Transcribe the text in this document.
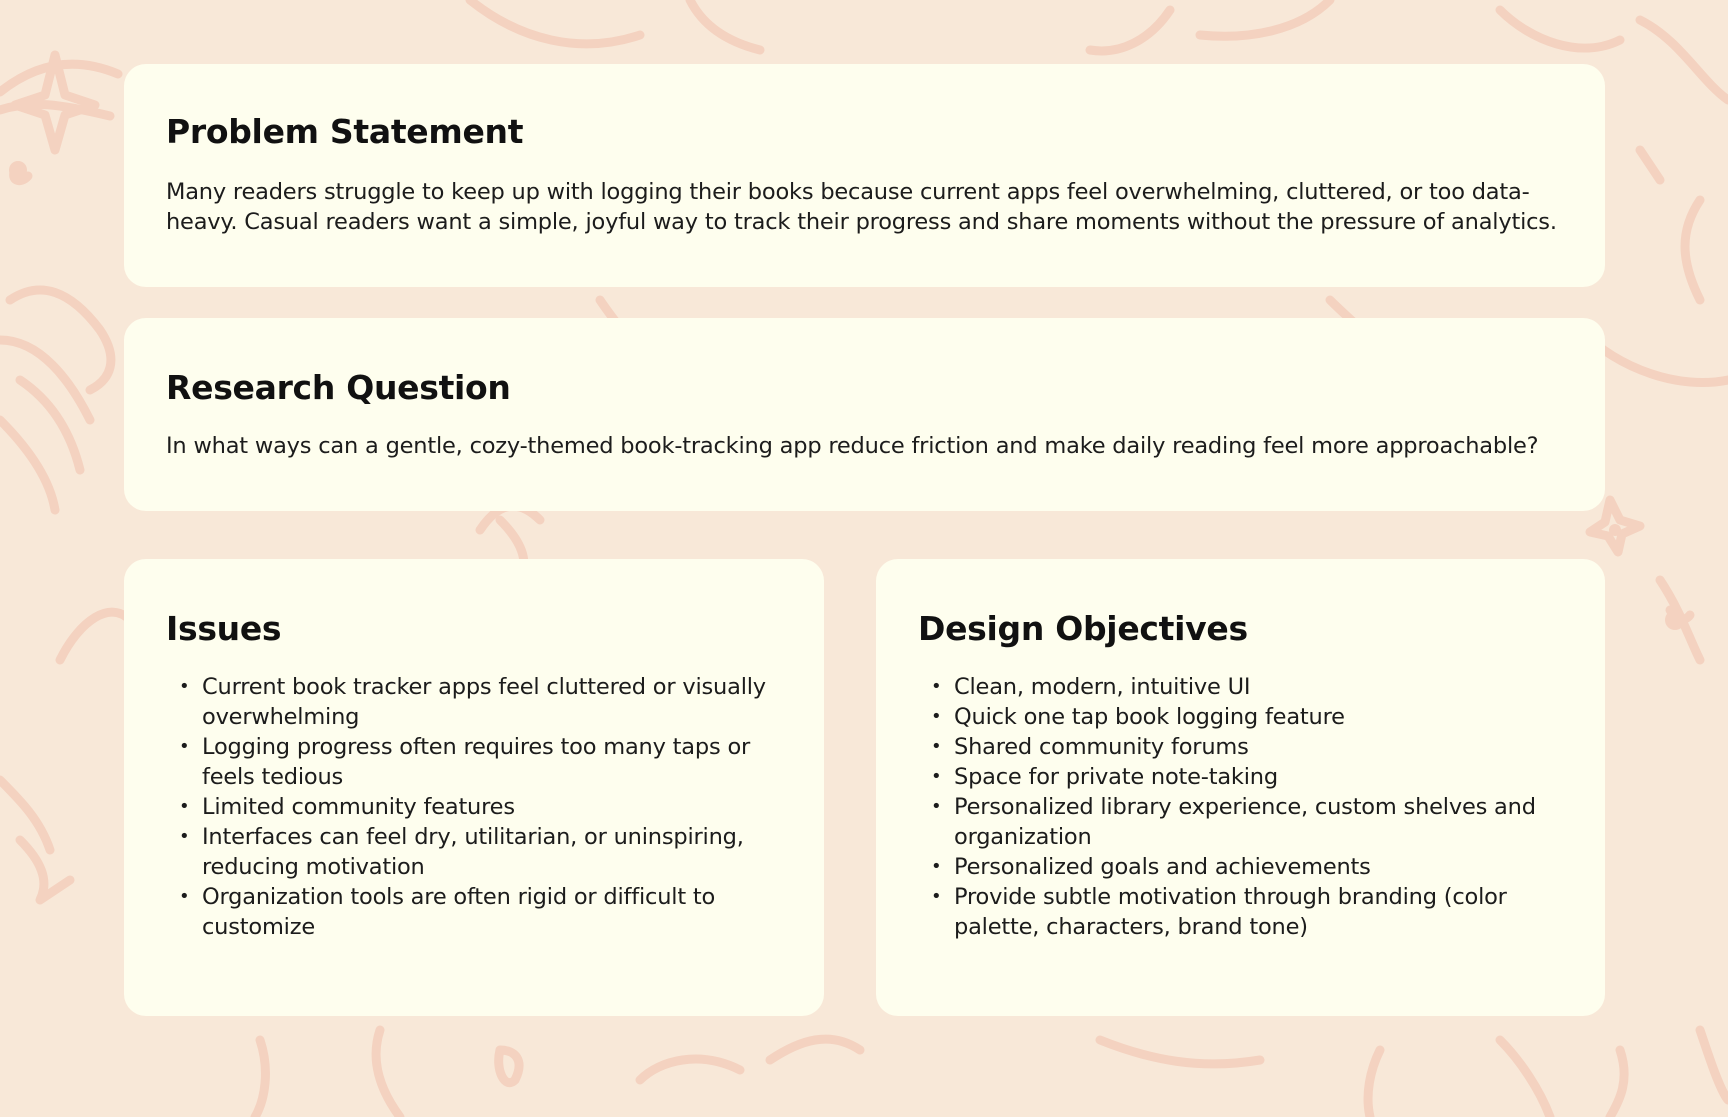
Problem Statement

Many readers struggle to keep up with logging their books because current apps feel overwhelming, cluttered, or too data-heavy. Casual readers want a simple, joyful way to track their progress and share moments without the pressure of analytics.

Research Question

In what ways can a gentle, cozy-themed book-tracking app reduce friction and make daily reading feel more approachable?

Issues
• Current book tracker apps feel cluttered or visually overwhelming
• Logging progress often requires too many taps or feels tedious
• Limited community features
• Interfaces can feel dry, utilitarian, or uninspiring, reducing motivation
• Organization tools are often rigid or difficult to customize
Design Objectives
• Clean, modern, intuitive UI
• Quick one tap book logging feature
• Shared community forums
• Space for private note-taking
• Personalized library experience, custom shelves and organization
• Personalized goals and achievements
• Provide subtle motivation through branding (color palette, characters, brand tone)
